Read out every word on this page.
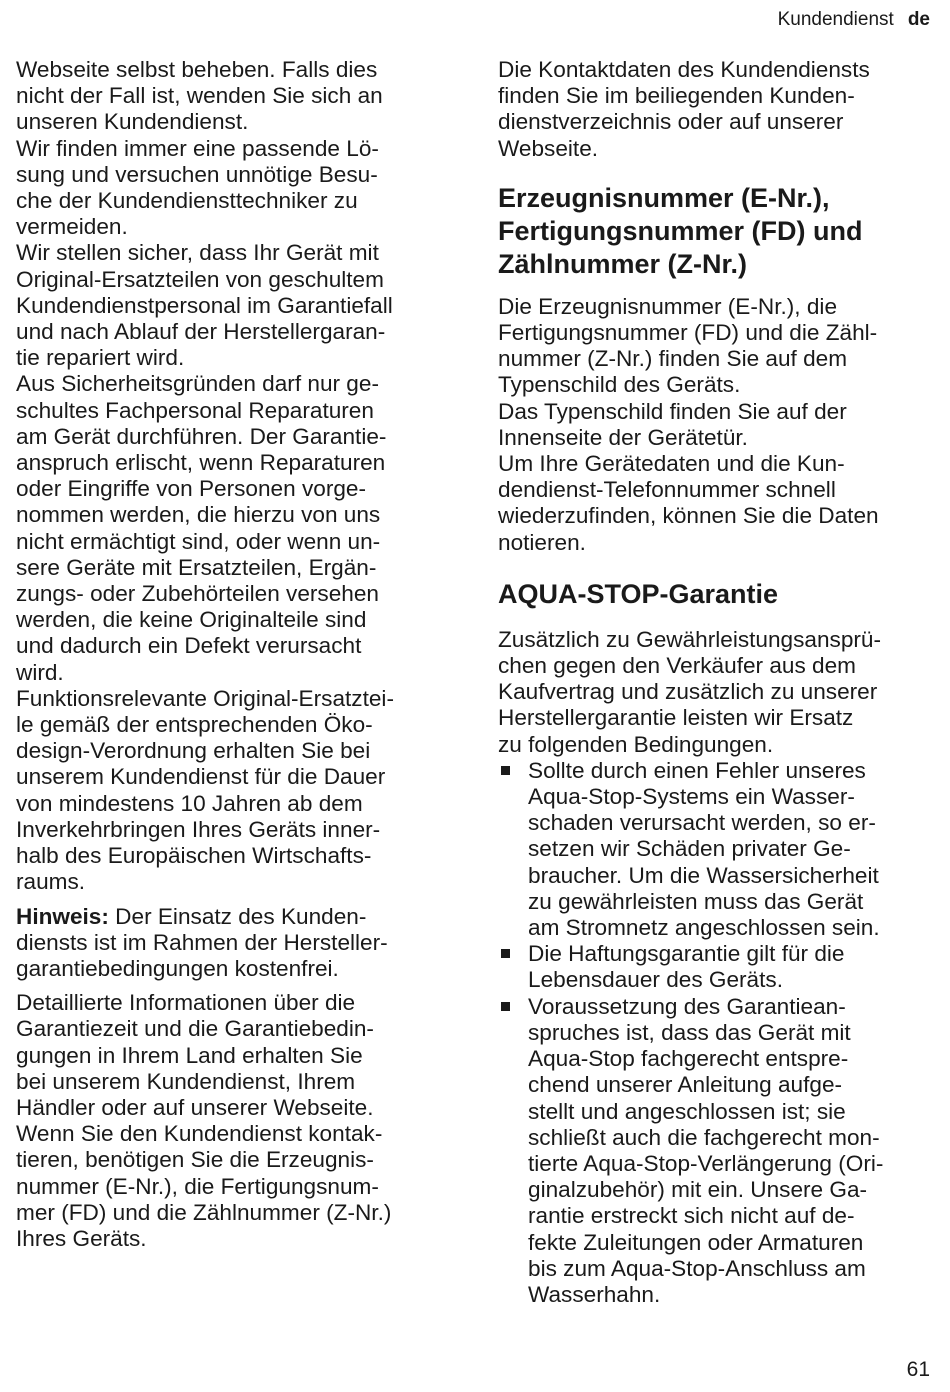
Kundendienst de
Webseite selbst beheben. Falls dies
nicht der Fall ist, wenden Sie sich an
unseren Kundendienst.
Wir finden immer eine passende Lö-
sung und versuchen unnötige Besu-
che der Kundendiensttechniker zu
vermeiden.
Wir stellen sicher, dass Ihr Gerät mit
Original-Ersatzteilen von geschultem
Kundendienstpersonal im Garantiefall
und nach Ablauf der Herstellergaran-
tie repariert wird.
Aus Sicherheitsgründen darf nur ge-
schultes Fachpersonal Reparaturen
am Gerät durchführen. Der Garantie-
anspruch erlischt, wenn Reparaturen
oder Eingriffe von Personen vorge-
nommen werden, die hierzu von uns
nicht ermächtigt sind, oder wenn un-
sere Geräte mit Ersatzteilen, Ergän-
zungs- oder Zubehörteilen versehen
werden, die keine Originalteile sind
und dadurch ein Defekt verursacht
wird.
Funktionsrelevante Original-Ersatztei-
le gemäß der entsprechenden Öko-
design-Verordnung erhalten Sie bei
unserem Kundendienst für die Dauer
von mindestens 10 Jahren ab dem
Inverkehrbringen Ihres Geräts inner-
halb des Europäischen Wirtschafts-
raums.
Hinweis: Der Einsatz des Kunden-
diensts ist im Rahmen der Hersteller-
garantiebedingungen kostenfrei.
Detaillierte Informationen über die
Garantiezeit und die Garantiebedin-
gungen in Ihrem Land erhalten Sie
bei unserem Kundendienst, Ihrem
Händler oder auf unserer Webseite.
Wenn Sie den Kundendienst kontak-
tieren, benötigen Sie die Erzeugnis-
nummer (E-Nr.), die Fertigungsnum-
mer (FD) und die Zählnummer (Z-Nr.)
Ihres Geräts.
Die Kontaktdaten des Kundendiensts
finden Sie im beiliegenden Kunden-
dienstverzeichnis oder auf unserer
Webseite.
Erzeugnisnummer (E-Nr.),
Fertigungsnummer (FD) und
Zählnummer (Z-Nr.)
Die Erzeugnisnummer (E-Nr.), die
Fertigungsnummer (FD) und die Zähl-
nummer (Z-Nr.) finden Sie auf dem
Typenschild des Geräts.
Das Typenschild finden Sie auf der
Innenseite der Gerätetür.
Um Ihre Gerätedaten und die Kun-
dendienst-Telefonnummer schnell
wiederzufinden, können Sie die Daten
notieren.
AQUA-STOP-Garantie
Zusätzlich zu Gewährleistungsansprü-
chen gegen den Verkäufer aus dem
Kaufvertrag und zusätzlich zu unserer
Herstellergarantie leisten wir Ersatz
zu folgenden Bedingungen.
Sollte durch einen Fehler unseres
Aqua-Stop-Systems ein Wasser-
schaden verursacht werden, so er-
setzen wir Schäden privater Ge-
braucher. Um die Wassersicherheit
zu gewährleisten muss das Gerät
am Stromnetz angeschlossen sein.
Die Haftungsgarantie gilt für die
Lebensdauer des Geräts.
Voraussetzung des Garantiean-
spruches ist, dass das Gerät mit
Aqua-Stop fachgerecht entspre-
chend unserer Anleitung aufge-
stellt und angeschlossen ist; sie
schließt auch die fachgerecht mon-
tierte Aqua-Stop-Verlängerung (Ori-
ginalzubehör) mit ein. Unsere Ga-
rantie erstreckt sich nicht auf de-
fekte Zuleitungen oder Armaturen
bis zum Aqua-Stop-Anschluss am
Wasserhahn.
61
